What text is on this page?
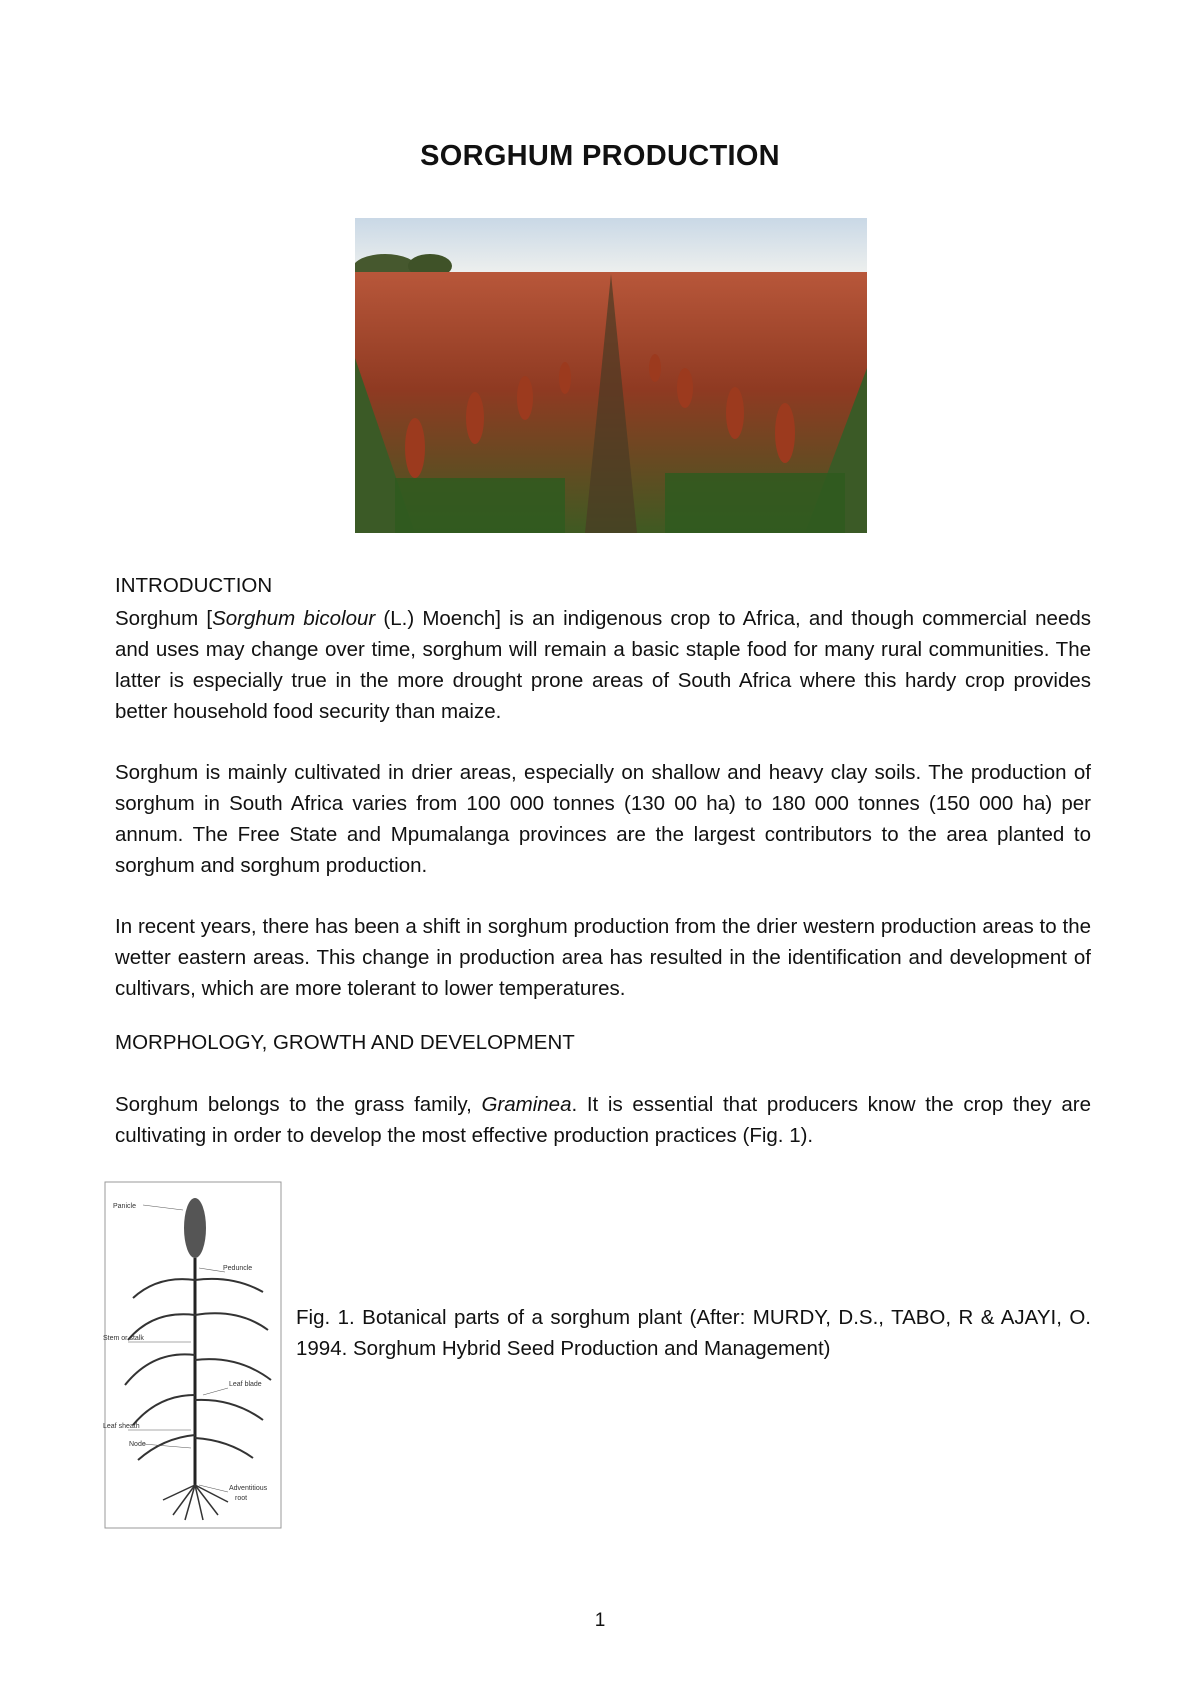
SORGHUM PRODUCTION
INTRODUCTION
Sorghum [Sorghum bicolour (L.) Moench] is an indigenous crop to Africa, and though commercial needs and uses may change over time, sorghum will remain a basic staple food for many rural communities. The latter is especially true in the more drought prone areas of South Africa where this hardy crop provides better household food security than maize.
Sorghum is mainly cultivated in drier areas, especially on shallow and heavy clay soils. The production of sorghum in South Africa varies from 100 000 tonnes (130 00 ha) to 180 000 tonnes (150 000 ha) per annum. The Free State and Mpumalanga provinces are the largest contributors to the area planted to sorghum and sorghum production.
In recent years, there has been a shift in sorghum production from the drier western production areas to the wetter eastern areas. This change in production area has resulted in the identification and development of cultivars, which are more tolerant to lower temperatures.
MORPHOLOGY, GROWTH AND DEVELOPMENT
Sorghum belongs to the grass family, Graminea. It is essential that producers know the crop they are cultivating in order to develop the most effective production practices (Fig. 1).
Panicle
Peduncle
Stem or stalk
Leaf blade
Leaf sheath
Node
Adventitious
root
Fig. 1. Botanical parts of a sorghum plant (After: MURDY, D.S., TABO, R & AJAYI, O. 1994. Sorghum Hybrid Seed Production and Management)
1
